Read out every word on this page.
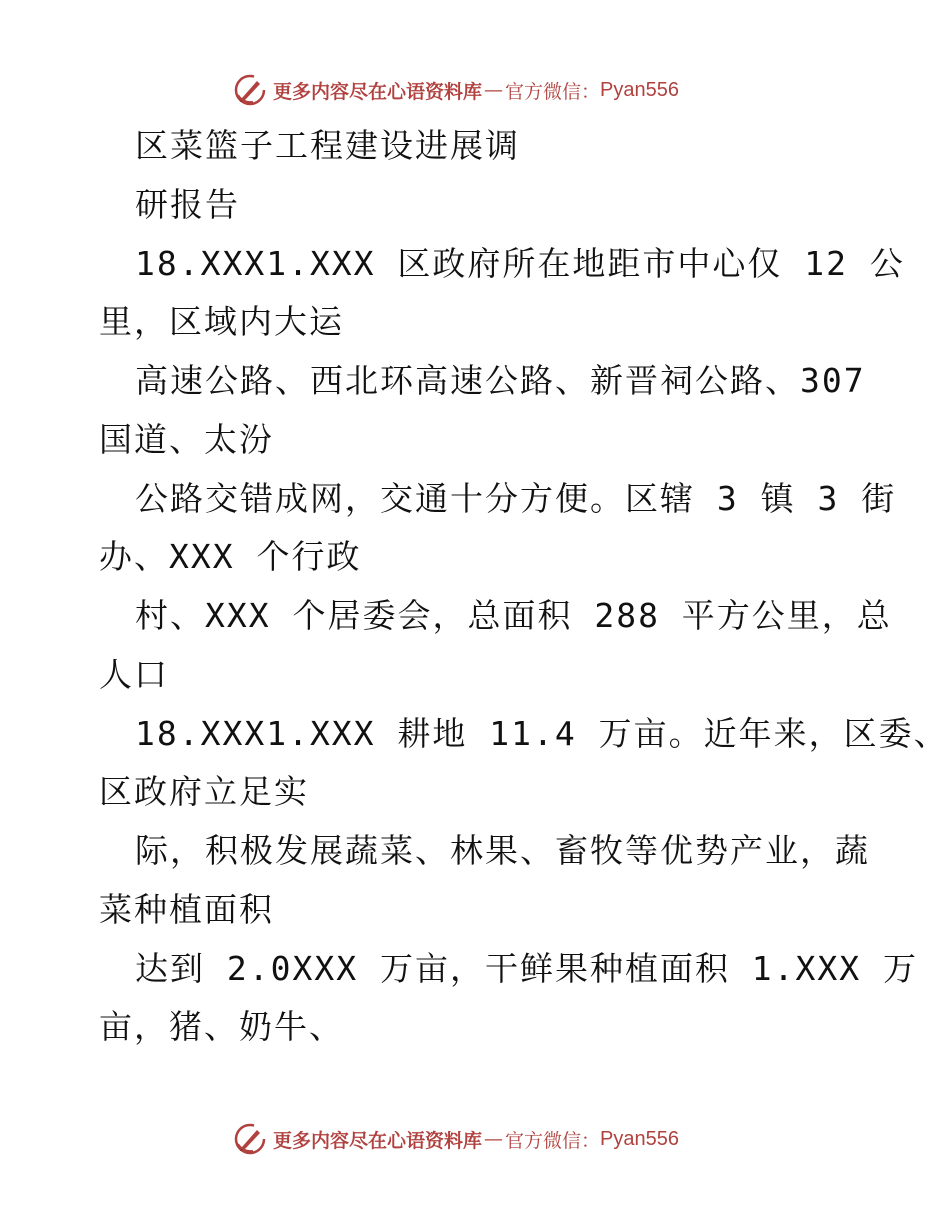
更多内容尽在心语资料库 — 官方微信： Pyan556
区菜篮子工程建设进展调
研报告
18.XXX1.XXX 区政府所在地距市中心仅 12 公
里，区域内大运
高速公路、西北环高速公路、新晋祠公路、307
国道、太汾
公路交错成网，交通十分方便。区辖 3 镇 3 街
办、XXX 个行政
村、XXX 个居委会，总面积 288 平方公里，总
人口
18.XXX1.XXX 耕地 11.4 万亩。近年来，区委、
区政府立足实
际，积极发展蔬菜、林果、畜牧等优势产业，蔬
菜种植面积
达到 2.0XXX 万亩，干鲜果种植面积 1.XXX 万
亩，猪、奶牛、
更多内容尽在心语资料库 — 官方微信： Pyan556
